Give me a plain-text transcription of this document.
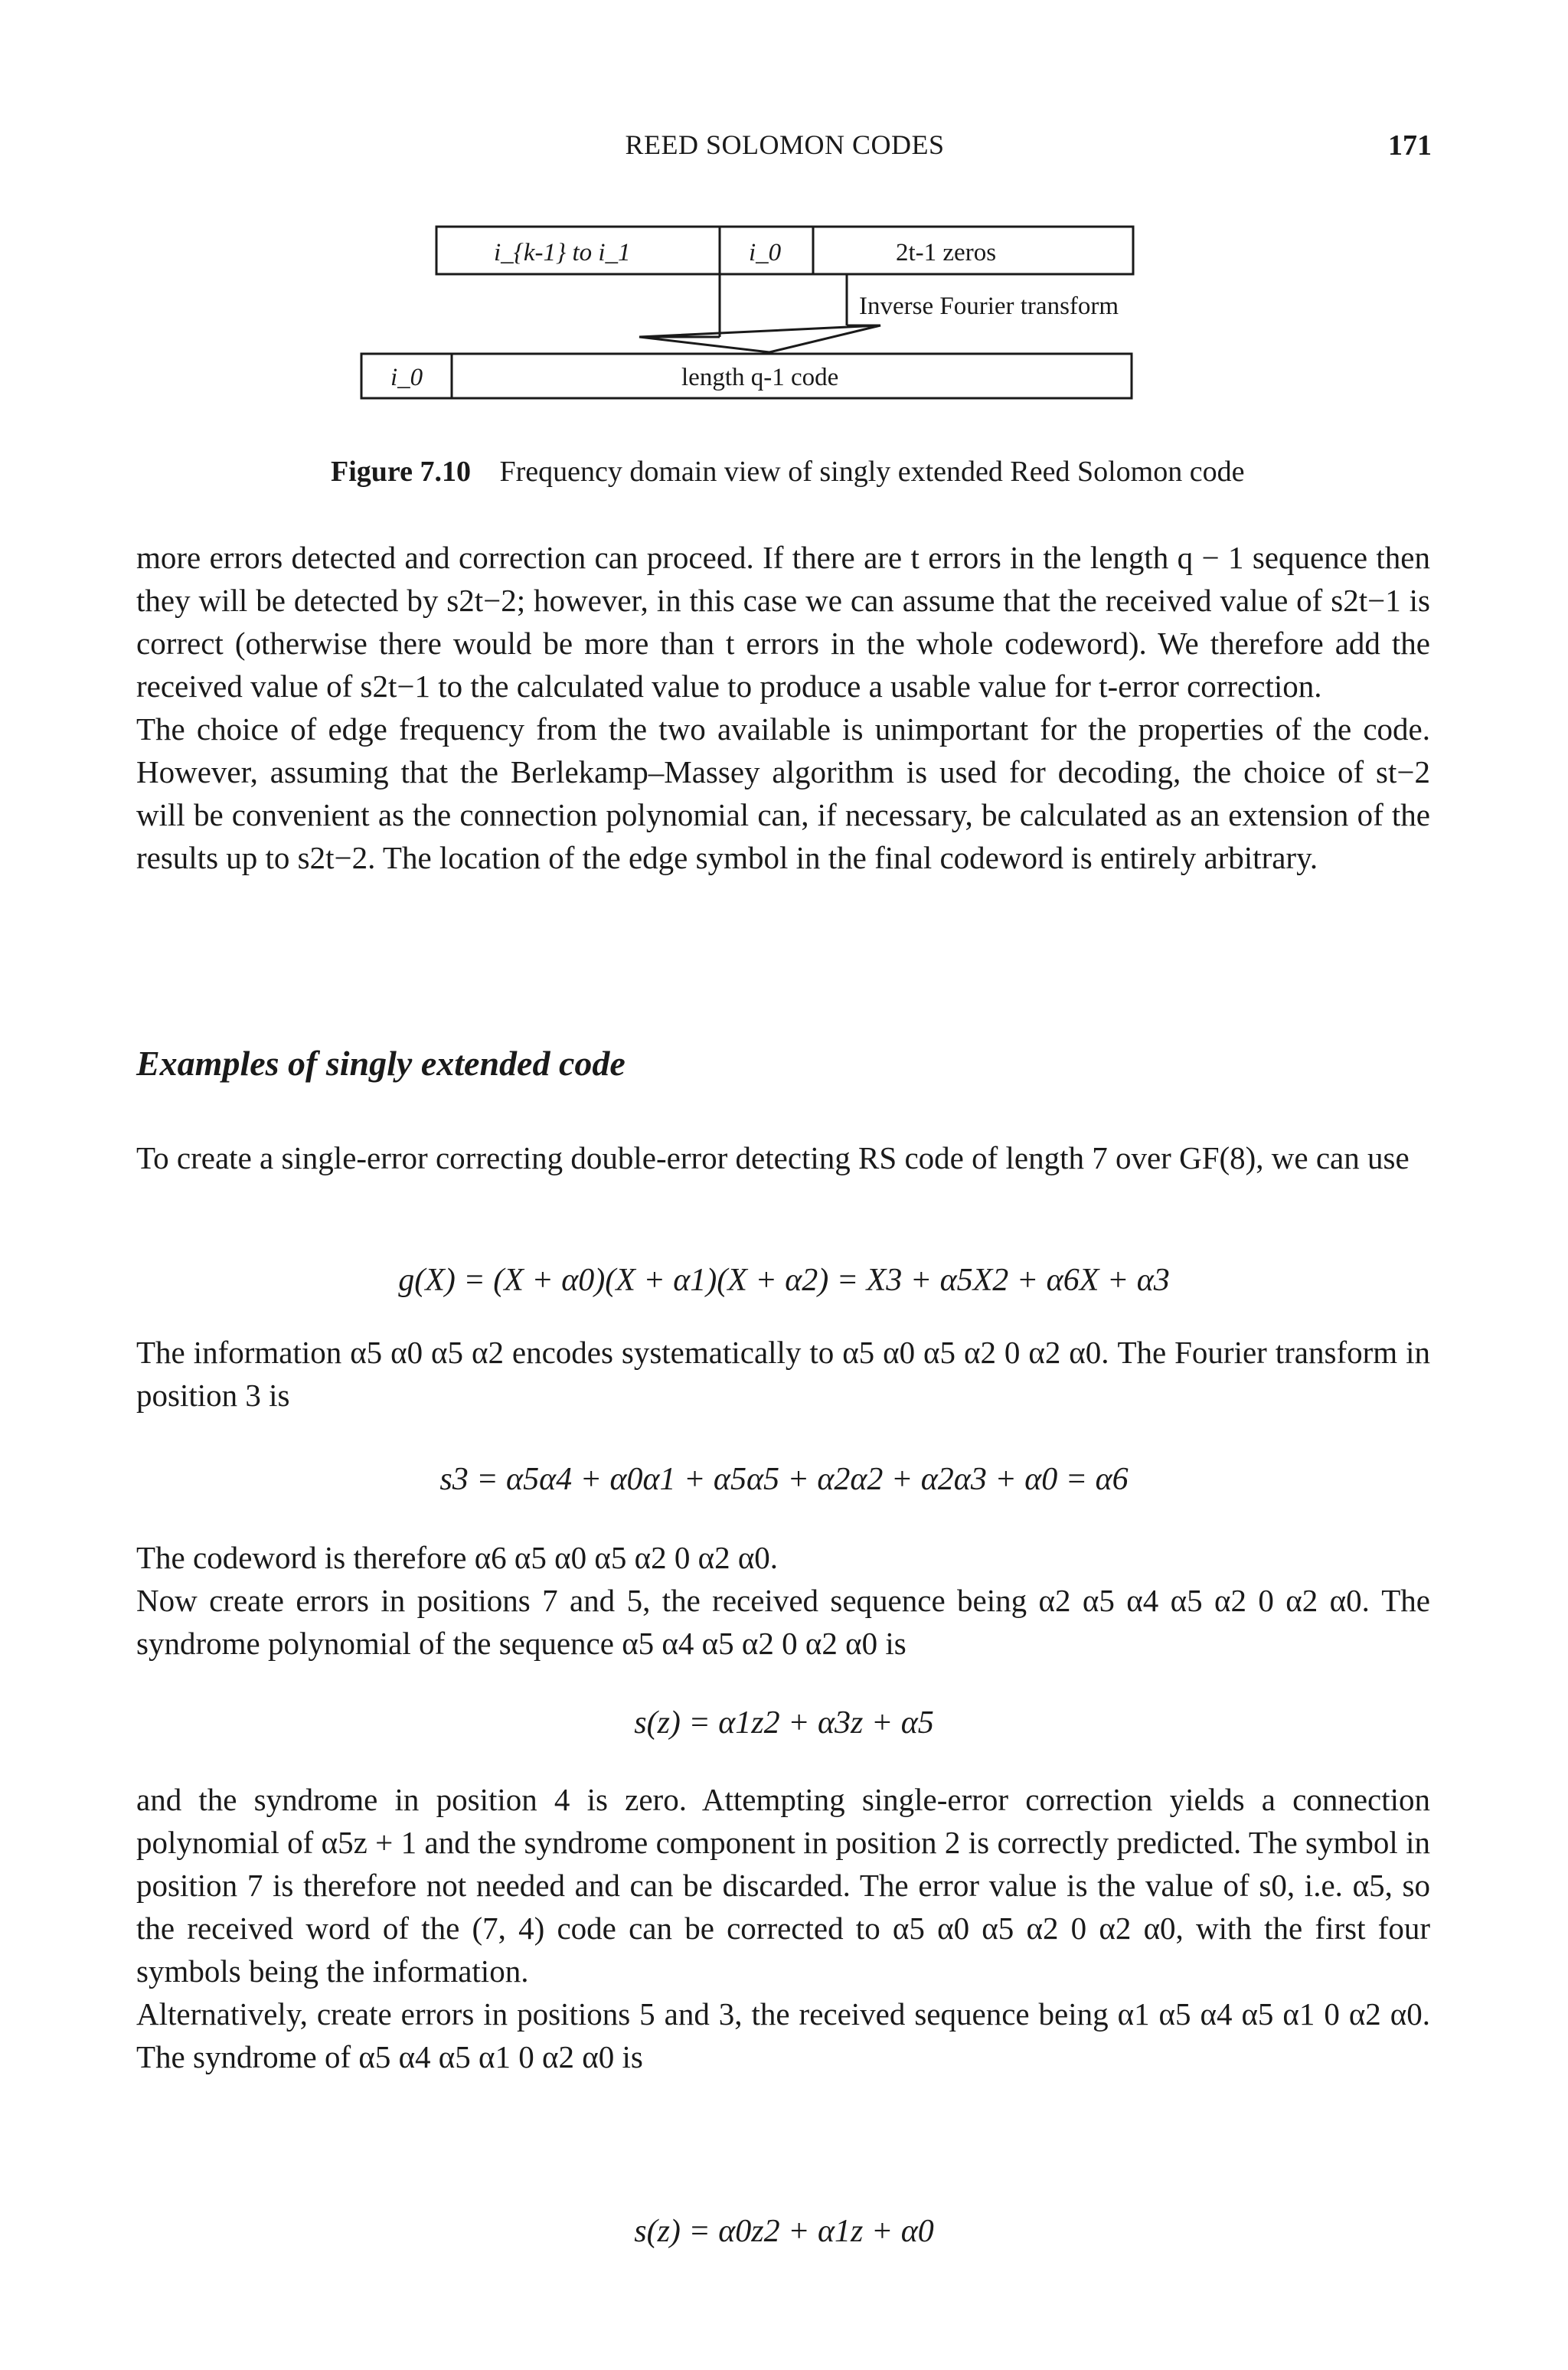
REED SOLOMON CODES	171
i_{k-1} to i_1	i_0	2t-1 zeros
Inverse Fourier transform
i_0	length q-1 code
Figure 7.10 Frequency domain view of singly extended Reed Solomon code

more errors detected and correction can proceed. If there are t errors in the length q − 1 sequence then they will be detected by s2t−2; however, in this case we can assume that the received value of s2t−1 is correct (otherwise there would be more than t errors in the whole codeword). We therefore add the received value of s2t−1 to the calculated value to produce a usable value for t-error correction.

The choice of edge frequency from the two available is unimportant for the properties of the code. However, assuming that the Berlekamp–Massey algorithm is used for decoding, the choice of st−2 will be convenient as the connection polynomial can, if necessary, be calculated as an extension of the results up to s2t−2. The location of the edge symbol in the final codeword is entirely arbitrary.

Examples of singly extended code

To create a single-error correcting double-error detecting RS code of length 7 over GF(8), we can use

g(X) = (X + α0)(X + α1)(X + α2) = X3 + α5X2 + α6X + α3

The information α5 α0 α5 α2 encodes systematically to α5 α0 α5 α2 0 α2 α0. The Fourier transform in position 3 is

s3 = α5α4 + α0α1 + α5α5 + α2α2 + α2α3 + α0 = α6

The codeword is therefore α6 α5 α0 α5 α2 0 α2 α0.

Now create errors in positions 7 and 5, the received sequence being α2 α5 α4 α5 α2 0 α2 α0. The syndrome polynomial of the sequence α5 α4 α5 α2 0 α2 α0 is

s(z) = α1z2 + α3z + α5

and the syndrome in position 4 is zero. Attempting single-error correction yields a connection polynomial of α5z + 1 and the syndrome component in position 2 is correctly predicted. The symbol in position 7 is therefore not needed and can be discarded. The error value is the value of s0, i.e. α5, so the received word of the (7, 4) code can be corrected to α5 α0 α5 α2 0 α2 α0, with the first four symbols being the information.

Alternatively, create errors in positions 5 and 3, the received sequence being α1 α5 α4 α5 α1 0 α2 α0. The syndrome of α5 α4 α5 α1 0 α2 α0 is

s(z) = α0z2 + α1z + α0
